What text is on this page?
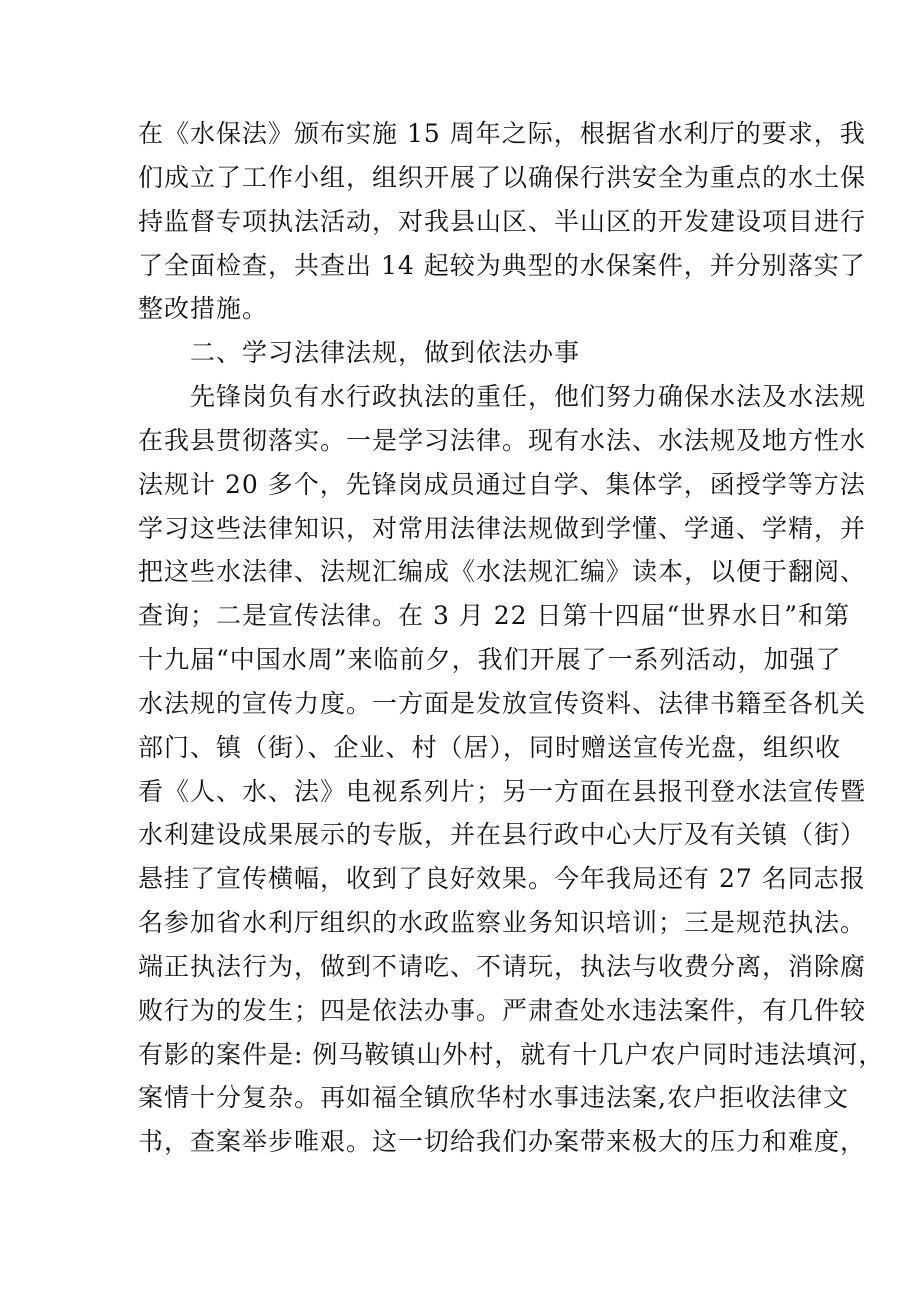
在《水保法》颁布实施 15 周年之际，根据省水利厅的要求，我
们成立了工作小组，组织开展了以确保行洪安全为重点的水土保
持监督专项执法活动，对我县山区、半山区的开发建设项目进行
了全面检查，共查出 14 起较为典型的水保案件，并分别落实了
整改措施。
二、学习法律法规，做到依法办事
先锋岗负有水行政执法的重任，他们努力确保水法及水法规
在我县贯彻落实。一是学习法律。现有水法、水法规及地方性水
法规计 20 多个，先锋岗成员通过自学、集体学，函授学等方法
学习这些法律知识，对常用法律法规做到学懂、学通、学精，并
把这些水法律、法规汇编成《水法规汇编》读本，以便于翻阅、
查询；二是宣传法律。在 3 月 22 日第十四届“世界水日”和第
十九届“中国水周”来临前夕，我们开展了一系列活动，加强了
水法规的宣传力度。一方面是发放宣传资料、法律书籍至各机关
部门、镇（街）、企业、村（居），同时赠送宣传光盘，组织收
看《人、水、法》电视系列片；另一方面在县报刊登水法宣传暨
水利建设成果展示的专版，并在县行政中心大厅及有关镇（街）
悬挂了宣传横幅，收到了良好效果。今年我局还有 27 名同志报
名参加省水利厅组织的水政监察业务知识培训；三是规范执法。
端正执法行为，做到不请吃、不请玩，执法与收费分离，消除腐
败行为的发生；四是依法办事。严肃查处水违法案件，有几件较
有影的案件是: 例马鞍镇山外村，就有十几户农户同时违法填河，
案情十分复杂。再如福全镇欣华村水事违法案,农户拒收法律文
书，查案举步唯艰。这一切给我们办案带来极大的压力和难度，
